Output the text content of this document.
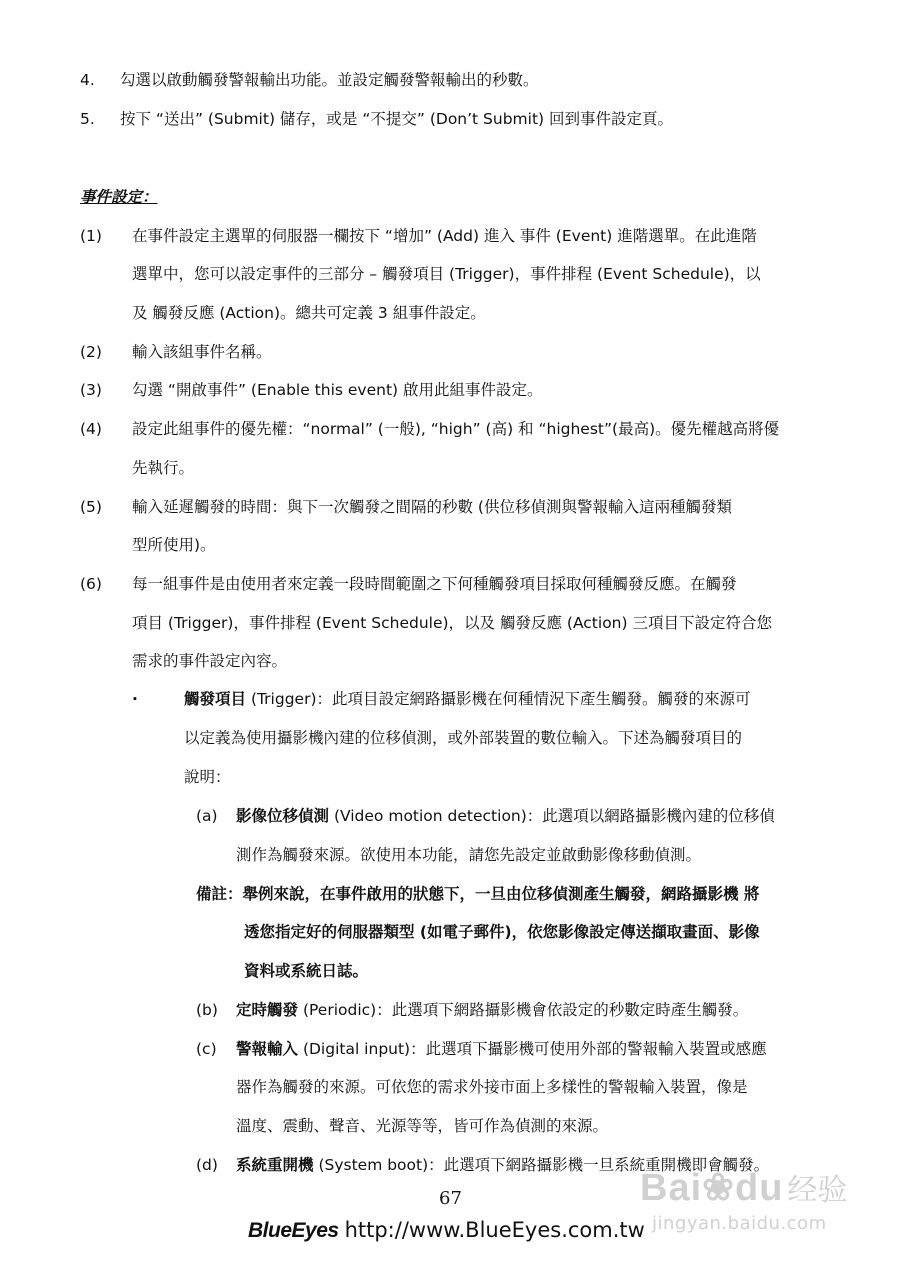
4. 勾選以啟動觸發警報輸出功能。並設定觸發警報輸出的秒數。
5. 按下 “送出” (Submit) 儲存，或是 “不提交” (Don’t Submit) 回到事件設定頁。
事件設定：
(1) 在事件設定主選單的伺服器一欄按下 “增加” (Add) 進入 事件 (Event) 進階選單。在此進階
選單中，您可以設定事件的三部分 – 觸發項目 (Trigger)，事件排程 (Event Schedule)，以
及 觸發反應 (Action)。總共可定義 3 組事件設定。
(2) 輸入該組事件名稱。
(3) 勾選 “開啟事件” (Enable this event) 啟用此組事件設定。
(4) 設定此組事件的優先權：“normal” (一般), “high” (高) 和 “highest”(最高)。優先權越高將優
先執行。
(5) 輸入延遲觸發的時間：與下一次觸發之間隔的秒數 (供位移偵測與警報輸入這兩種觸發類
型所使用)。
(6) 每一組事件是由使用者來定義一段時間範圍之下何種觸發項目採取何種觸發反應。在觸發
項目 (Trigger)，事件排程 (Event Schedule)，以及 觸發反應 (Action) 三項目下設定符合您
需求的事件設定內容。
·	觸發項目 (Trigger)：此項目設定網路攝影機在何種情況下產生觸發。觸發的來源可
以定義為使用攝影機內建的位移偵測，或外部裝置的數位輸入。下述為觸發項目的
說明：
(a) 影像位移偵測 (Video motion detection)：此選項以網路攝影機內建的位移偵
測作為觸發來源。欲使用本功能，請您先設定並啟動影像移動偵測。
備註：舉例來說，在事件啟用的狀態下，一旦由位移偵測產生觸發，網路攝影機 將
透您指定好的伺服器類型 (如電子郵件)，依您影像設定傳送擷取畫面、影像
資料或系統日誌。
(b) 定時觸發 (Periodic)：此選項下網路攝影機會依設定的秒數定時產生觸發。
(c) 警報輸入 (Digital input)：此選項下攝影機可使用外部的警報輸入裝置或感應
器作為觸發的來源。可依您的需求外接市面上多樣性的警報輸入裝置，像是
溫度、震動、聲音、光源等等，皆可作為偵測的來源。
(d) 系統重開機 (System boot)：此選項下網路攝影機一旦系統重開機即會觸發。
67
BlueEyes http://www.BlueEyes.com.tw
Bai❀du 经验
jingyan.baidu.com
